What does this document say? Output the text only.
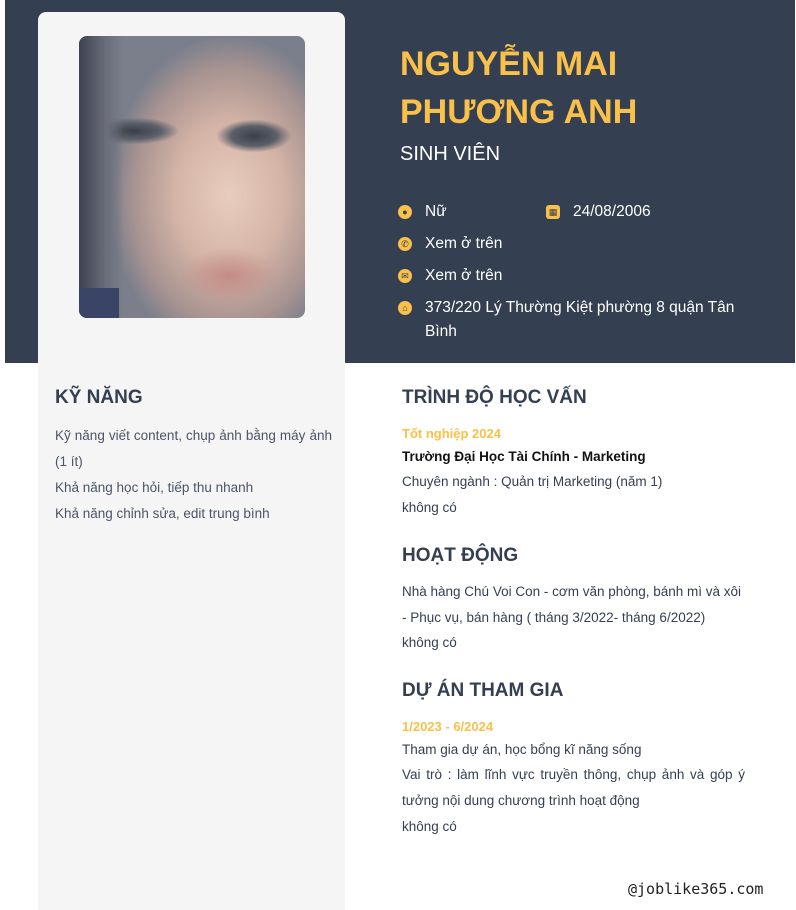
NGUYỄN MAI
PHƯƠNG ANH
SINH VIÊN
● Nữ	▦ 24/08/2006
✆ Xem ở trên
✉ Xem ở trên
⌂ 373/220 Lý Thường Kiệt phường 8 quận Tân Bình
KỸ NĂNG
Kỹ năng viết content, chụp ảnh bằng máy ảnh (1 ít)
Khả năng học hỏi, tiếp thu nhanh
Khả năng chỉnh sửa, edit trung bình
TRÌNH ĐỘ HỌC VẤN
Tốt nghiệp 2024
Trường Đại Học Tài Chính - Marketing
Chuyên ngành : Quản trị Marketing (năm 1)
không có
HOẠT ĐỘNG
Nhà hàng Chú Voi Con - cơm văn phòng, bánh mì và xôi - Phục vụ, bán hàng ( tháng 3/2022- tháng 6/2022)
không có
DỰ ÁN THAM GIA
1/2023 - 6/2024
Tham gia dự án, học bổng kĩ năng sống
Vai trò : làm lĩnh vực truyền thông, chụp ảnh và góp ý tưởng nội dung chương trình hoạt động
không có
@joblike365.com
